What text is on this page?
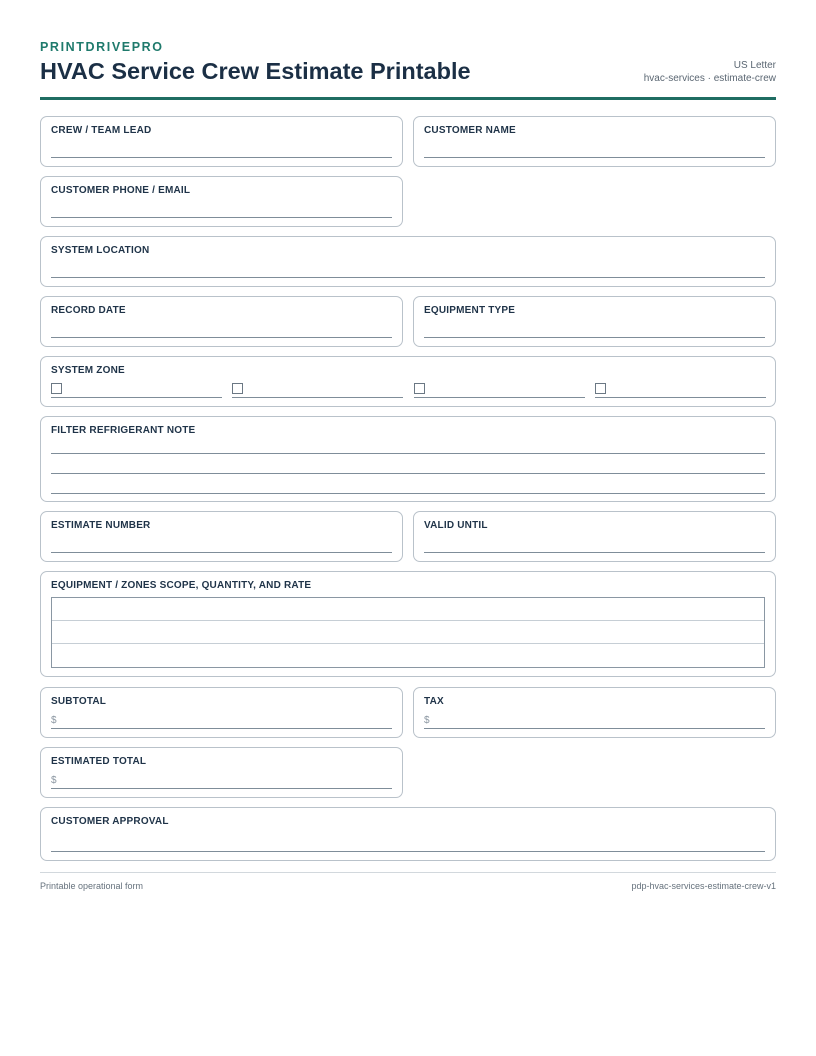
PRINTDRIVEPRO
HVAC Service Crew Estimate Printable	US Letter
hvac-services · estimate-crew
CREW / TEAM LEAD	CUSTOMER NAME
CUSTOMER PHONE / EMAIL
SYSTEM LOCATION
RECORD DATE	EQUIPMENT TYPE
SYSTEM ZONE
FILTER REFRIGERANT NOTE
ESTIMATE NUMBER	VALID UNTIL
EQUIPMENT / ZONES SCOPE, QUANTITY, AND RATE
SUBTOTAL
$
TAX
$
ESTIMATED TOTAL
$
CUSTOMER APPROVAL
Printable operational form	pdp-hvac-services-estimate-crew-v1
